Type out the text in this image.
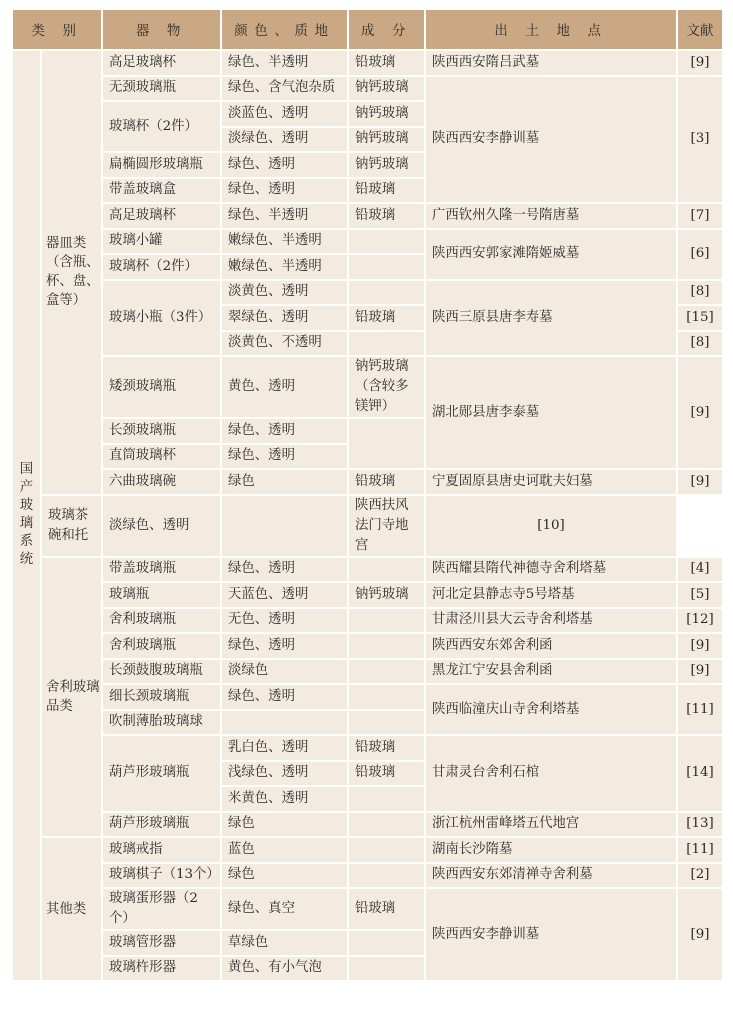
类 别		器 物	颜色、质地	成 分	出 土 地 点	文献
国产玻璃系统	器皿类（含瓶、杯、盘、盒等）	高足玻璃杯	绿色、半透明	铅玻璃	陕西西安隋吕武墓	[9]
		无颈玻璃瓶	绿色、含气泡杂质	钠钙玻璃	陕西西安李静训墓	[3]
		玻璃杯（2件）	淡蓝色、透明	钠钙玻璃		
			淡绿色、透明	钠钙玻璃		
		扁椭圆形玻璃瓶	绿色、透明	钠钙玻璃		
		带盖玻璃盒	绿色、透明	铅玻璃		
		高足玻璃杯	绿色、半透明	铅玻璃	广西钦州久隆一号隋唐墓	[7]
		玻璃小罐	嫩绿色、半透明		陕西西安郭家滩隋姬威墓	[6]
		玻璃杯（2件）	嫩绿色、半透明			
		玻璃小瓶（3件）	淡黄色、透明		陕西三原县唐李寿墓	[8]
			翠绿色、透明	铅玻璃		[15]
			淡黄色、不透明			[8]
		矮颈玻璃瓶	黄色、透明	钠钙玻璃（含较多镁钾）	湖北郧县唐李泰墓	[9]

		长颈玻璃瓶	绿色、透明			
		直筒玻璃杯	绿色、透明			
		六曲玻璃碗	绿色	铅玻璃	宁夏固原县唐史诃耽夫妇墓	[9]
	玻璃茶碗和托	淡绿色、透明		陕西扶风法门寺地宫	[10]	
	舍利玻璃品类	带盖玻璃瓶	绿色、透明		陕西耀县隋代神德寺舍利塔墓	[4]
		玻璃瓶	天蓝色、透明	钠钙玻璃	河北定县静志寺5号塔基	[5]
		舍利玻璃瓶	无色、透明		甘肃泾川县大云寺舍利塔基	[12]
		舍利玻璃瓶	绿色、透明		陕西西安东郊舍利函	[9]
		长颈鼓腹玻璃瓶	淡绿色		黑龙江宁安县舍利函	[9]
		细长颈玻璃瓶	绿色、透明		陕西临潼庆山寺舍利塔基	[11]
		吹制薄胎玻璃球				
		葫芦形玻璃瓶	乳白色、透明	铅玻璃	甘肃灵台舍利石棺	[14]
			浅绿色、透明	铅玻璃		
			米黄色、透明			
		葫芦形玻璃瓶	绿色		浙江杭州雷峰塔五代地宫	[13]
	其他类	玻璃戒指	蓝色		湖南长沙隋墓	[11]
		玻璃棋子（13个）	绿色		陕西西安东郊清禅寺舍利墓	[2]
		玻璃蛋形器（2个）	绿色、真空	铅玻璃	陕西西安李静训墓	[9]
		玻璃管形器	草绿色			
		玻璃杵形器	黄色、有小气泡			
